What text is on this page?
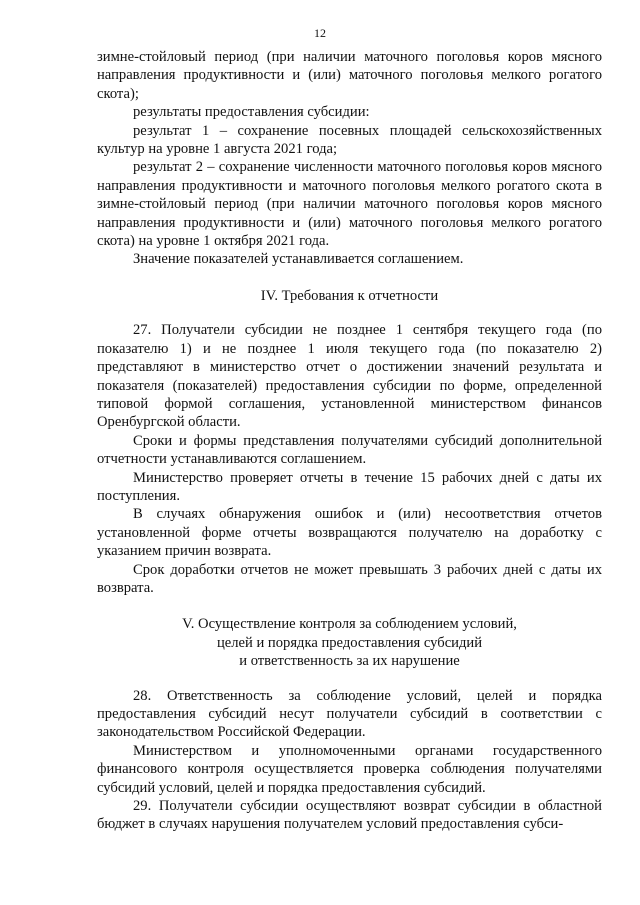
12

зимне-стойловый период (при наличии маточного поголовья коров мясного направления продуктивности и (или) маточного поголовья мелкого рогатого скота);

результаты предоставления субсидии:

результат 1 – сохранение посевных площадей сельскохозяйственных культур на уровне 1 августа 2021 года;

результат 2 – сохранение численности маточного поголовья коров мясного направления продуктивности и маточного поголовья мелкого рогатого скота в зимне-стойловый период (при наличии маточного поголовья коров мясного направления продуктивности и (или) маточного поголовья мелкого рогатого скота) на уровне 1 октября 2021 года.

Значение показателей устанавливается соглашением.

IV. Требования к отчетности

27. Получатели субсидии не позднее 1 сентября текущего года (по показателю 1) и не позднее 1 июля текущего года (по показателю 2) представляют в министерство отчет о достижении значений результата и показателя (показателей) предоставления субсидии по форме, определенной типовой формой соглашения, установленной министерством финансов Оренбургской области.

Сроки и формы представления получателями субсидий дополнительной отчетности устанавливаются соглашением.

Министерство проверяет отчеты в течение 15 рабочих дней с даты их поступления.

В случаях обнаружения ошибок и (или) несоответствия отчетов установленной форме отчеты возвращаются получателю на доработку с указанием причин возврата.

Срок доработки отчетов не может превышать 3 рабочих дней с даты их возврата.

V. Осуществление контроля за соблюдением условий,
целей и порядка предоставления субсидий
и ответственность за их нарушение

28. Ответственность за соблюдение условий, целей и порядка предоставления субсидий несут получатели субсидий в соответствии с законодательством Российской Федерации.

Министерством и уполномоченными органами государственного финансового контроля осуществляется проверка соблюдения получателями субсидий условий, целей и порядка предоставления субсидий.

29. Получатели субсидии осуществляют возврат субсидии в областной бюджет в случаях нарушения получателем условий предоставления субси-
